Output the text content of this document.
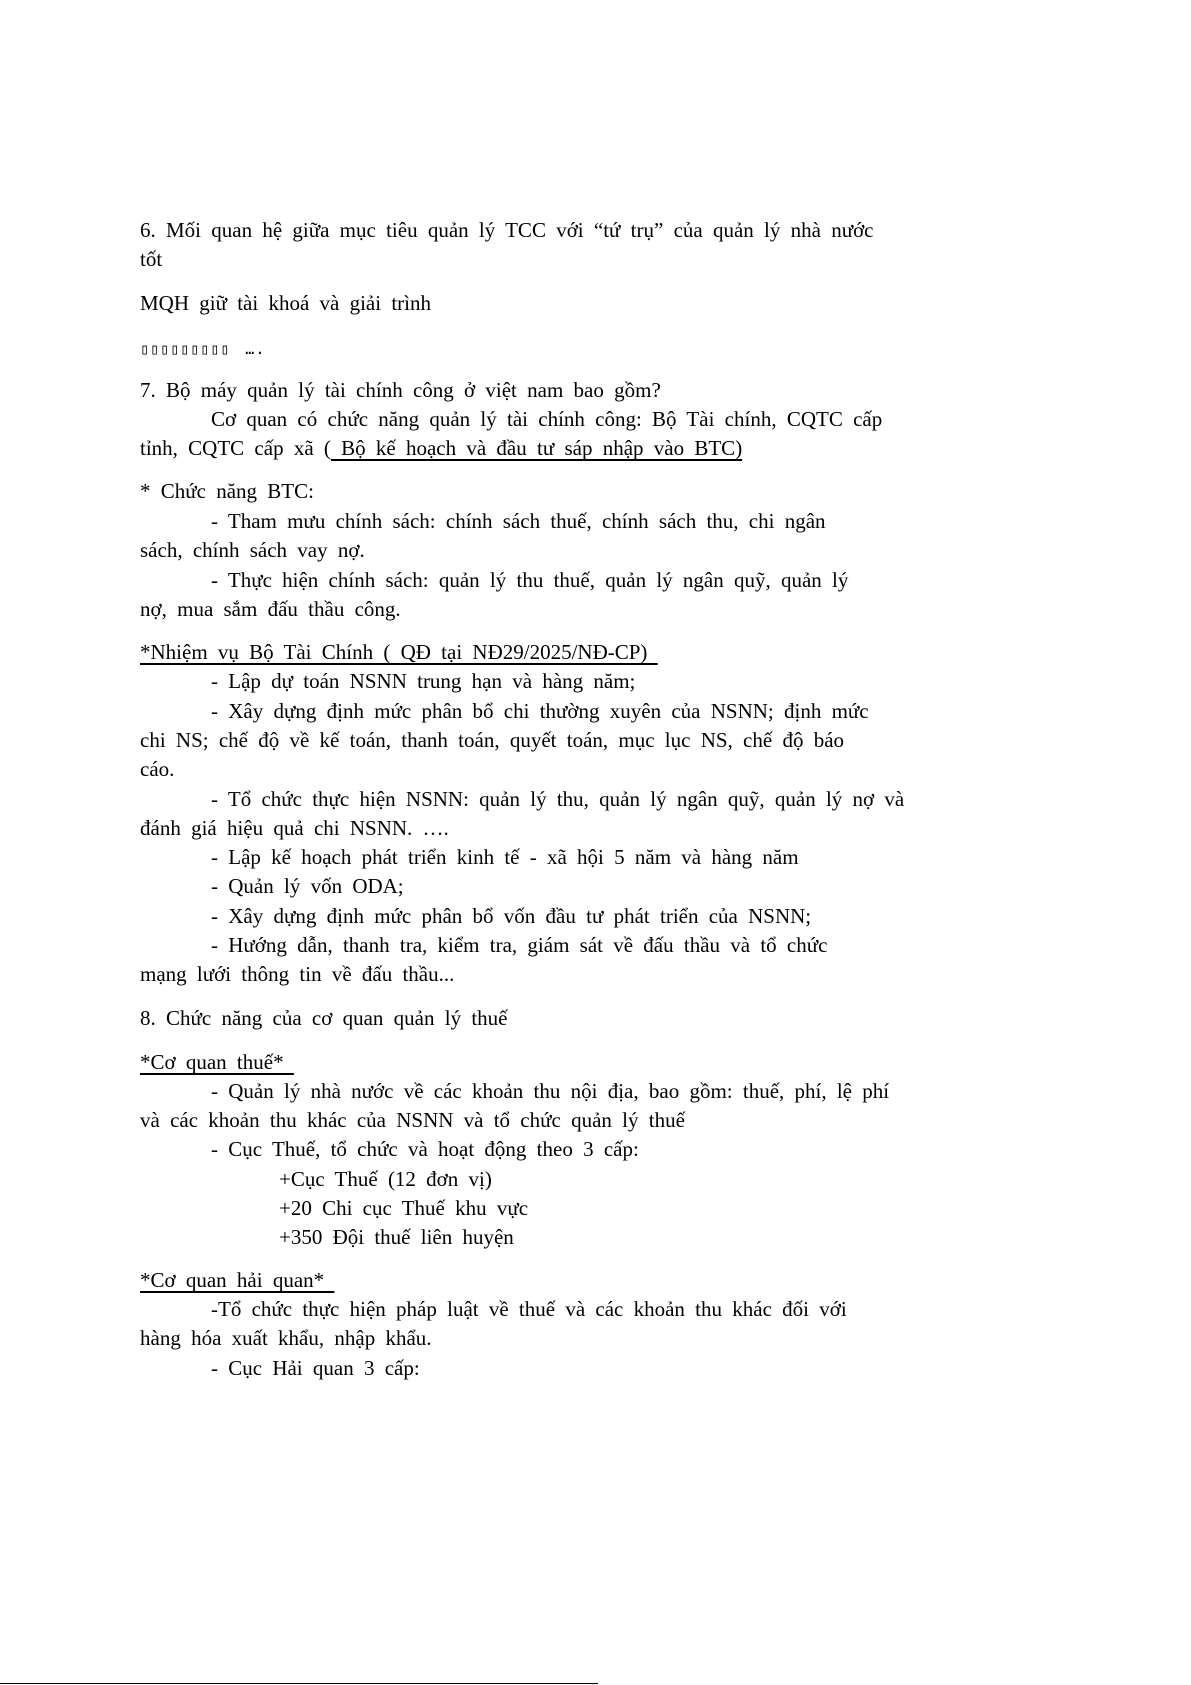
6. Mối quan hệ giữa mục tiêu quản lý TCC với “tứ trụ” của quản lý nhà nước
tốt
MQH giữ tài khoá và giải trình
▯▯▯▯▯▯▯▯▯ ….
7. Bộ máy quản lý tài chính công ở việt nam bao gồm?
Cơ quan có chức năng quản lý tài chính công: Bộ Tài chính, CQTC cấp
tỉnh, CQTC cấp xã ( Bộ kế hoạch và đầu tư sáp nhập vào BTC)
* Chức năng BTC:
- Tham mưu chính sách: chính sách thuế, chính sách thu, chi ngân
sách, chính sách vay nợ.
- Thực hiện chính sách: quản lý thu thuế, quản lý ngân quỹ, quản lý
nợ, mua sắm đấu thầu công.
*Nhiệm vụ Bộ Tài Chính ( QĐ tại NĐ29/2025/NĐ-CP)
- Lập dự toán NSNN trung hạn và hàng năm;
- Xây dựng định mức phân bổ chi thường xuyên của NSNN; định mức
chi NS; chế độ về kế toán, thanh toán, quyết toán, mục lục NS, chế độ báo
cáo.
- Tổ chức thực hiện NSNN: quản lý thu, quản lý ngân quỹ, quản lý nợ và
đánh giá hiệu quả chi NSNN. ….
- Lập kế hoạch phát triển kinh tế - xã hội 5 năm và hàng năm
- Quản lý vốn ODA;
- Xây dựng định mức phân bổ vốn đầu tư phát triển của NSNN;
- Hướng dẫn, thanh tra, kiểm tra, giám sát về đấu thầu và tổ chức
mạng lưới thông tin về đấu thầu...
8. Chức năng của cơ quan quản lý thuế
*Cơ quan thuế*
- Quản lý nhà nước về các khoản thu nội địa, bao gồm: thuế, phí, lệ phí
và các khoản thu khác của NSNN và tổ chức quản lý thuế
- Cục Thuế, tổ chức và hoạt động theo 3 cấp:
+Cục Thuế (12 đơn vị)
+20 Chi cục Thuế khu vực
+350 Đội thuế liên huyện
*Cơ quan hải quan*
-Tổ chức thực hiện pháp luật về thuế và các khoản thu khác đối với
hàng hóa xuất khẩu, nhập khẩu.
- Cục Hải quan 3 cấp:
